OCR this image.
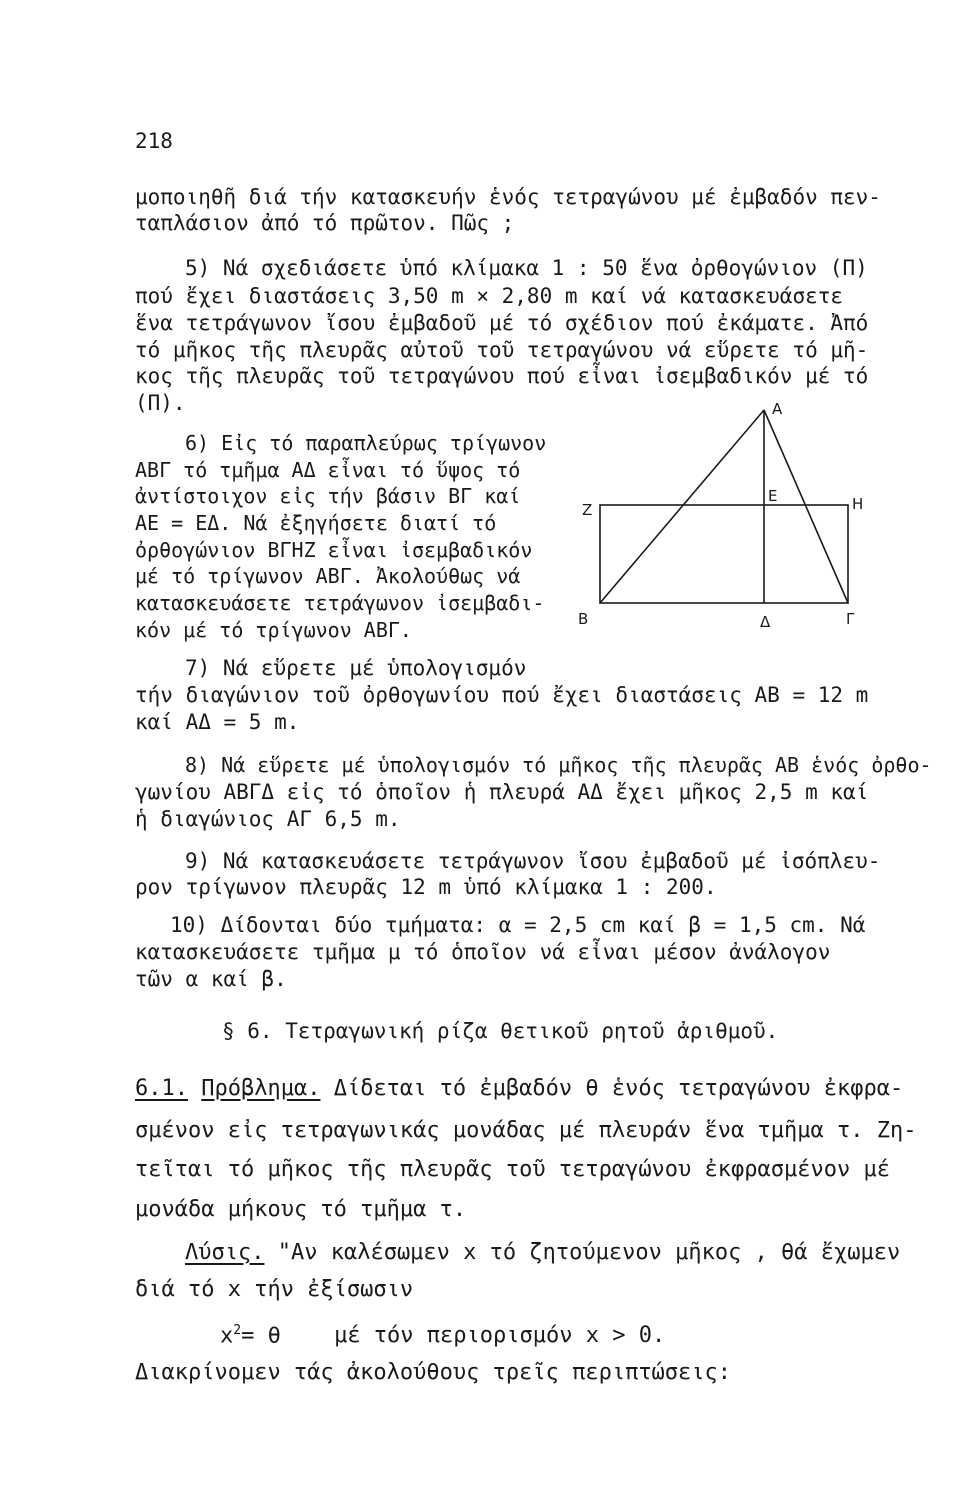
218
μοποιηθῆ διά τήν κατασκευήν ἑνός τετραγώνου μέ ἐμβαδόν πεν-
ταπλάσιον ἀπό τό πρῶτον. Πῶς ;
5) Νά σχεδιάσετε ὑπό κλίμακα 1 : 50 ἕνα ὀρθογώνιον (Π)
πού ἔχει διαστάσεις 3,50 m × 2,80 m καί νά κατασκευάσετε
ἕνα τετράγωνον ἴσου ἐμβαδοῦ μέ τό σχέδιον πού ἐκάματε. Ἀπό
τό μῆκος τῆς πλευρᾶς αὐτοῦ τοῦ τετραγώνου νά εὕρετε τό μῆ-
κος τῆς πλευρᾶς τοῦ τετραγώνου πού εἶναι ἰσεμβαδικόν μέ τό
(Π).
6) Εἰς τό παραπλεύρως τρίγωνον
ΑΒΓ τό τμῆμα ΑΔ εἶναι τό ὕψος τό
ἀντίστοιχον εἰς τήν βάσιν ΒΓ καί
ΑΕ = ΕΔ. Νά ἐξηγήσετε διατί τό
ὀρθογώνιον ΒΓΗΖ εἶναι ἰσεμβαδικόν
μέ τό τρίγωνον ΑΒΓ. Ἀκολούθως νά
κατασκευάσετε τετράγωνον ἰσεμβαδι-
κόν μέ τό τρίγωνον ΑΒΓ.
Α
Ζ
Ε	Η
Β	Δ	Γ
7) Νά εὕρετε μέ ὑπολογισμόν
τήν διαγώνιον τοῦ ὀρθογωνίου πού ἔχει διαστάσεις ΑΒ = 12 m
καί ΑΔ = 5 m.
8) Νά εὕρετε μέ ὑπολογισμόν τό μῆκος τῆς πλευρᾶς ΑΒ ἑνός ὀρθο-
γωνίου ΑΒΓΔ εἰς τό ὁποῖον ἡ πλευρά ΑΔ ἔχει μῆκος 2,5 m καί
ἡ διαγώνιος ΑΓ 6,5 m.
9) Νά κατασκευάσετε τετράγωνον ἴσου ἐμβαδοῦ μέ ἰσόπλευ-
ρον τρίγωνον πλευρᾶς 12 m ὑπό κλίμακα 1 : 200.
10) Δίδονται δύο τμήματα: α = 2,5 cm καί β = 1,5 cm. Νά
κατασκευάσετε τμῆμα μ τό ὁποῖον νά εἶναι μέσον ἀνάλογον
τῶν α καί β.
§ 6. Τετραγωνική ρίζα θετικοῦ ρητοῦ ἀριθμοῦ.
6.1. Πρόβλημα. Δίδεται τό ἐμβαδόν θ ἑνός τετραγώνου ἐκφρα-
σμένον εἰς τετραγωνικάς μονάδας μέ πλευράν ἕνα τμῆμα τ. Ζη-
τεῖται τό μῆκος τῆς πλευρᾶς τοῦ τετραγώνου ἐκφρασμένον μέ
μονάδα μήκους τό τμῆμα τ.
Λύσις. "Αν καλέσωμεν x τό ζητούμενον μῆκος , θά ἔχωμεν
διά τό x τήν ἐξίσωσιν
$x^2= \theta$ μέ τόν περιορισμόν x > 0.
Διακρίνομεν τάς ἀκολούθους τρεῖς περιπτώσεις:
